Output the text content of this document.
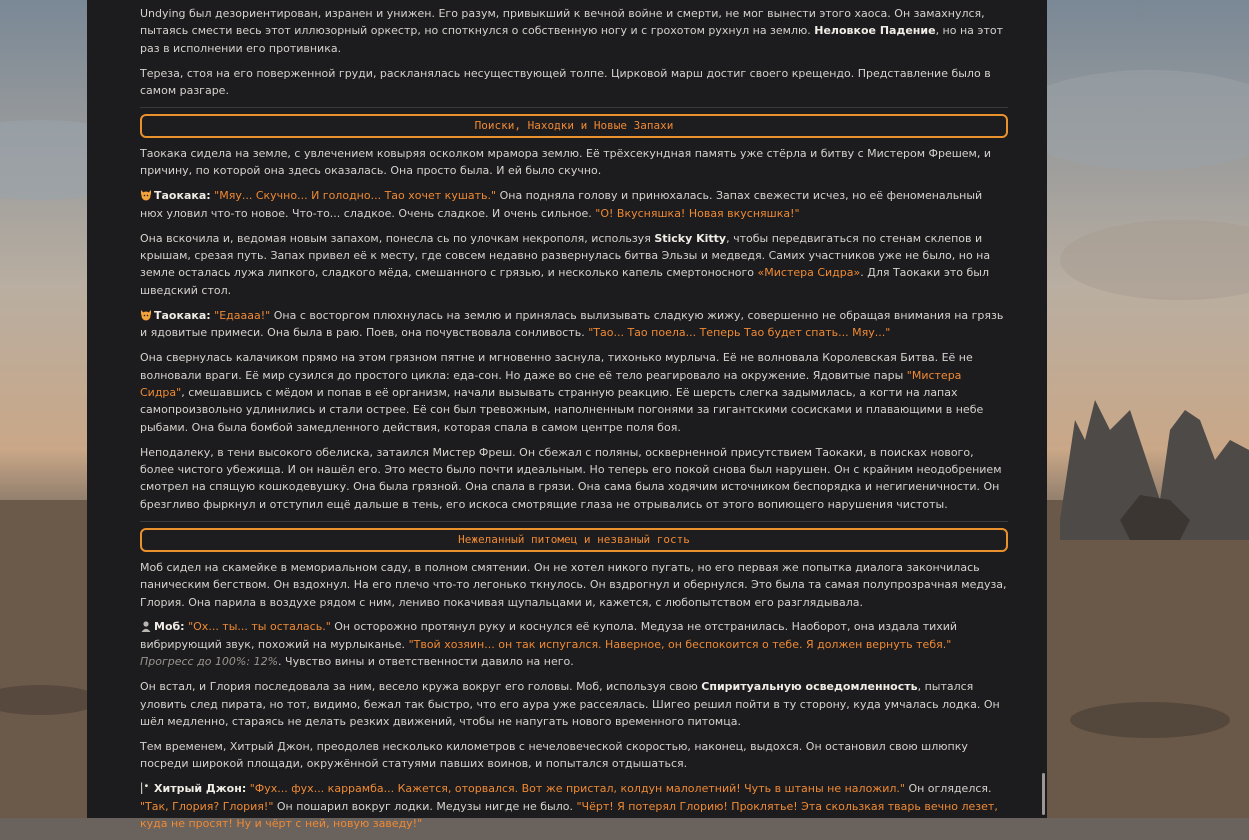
Undying был дезориентирован, изранен и унижен. Его разум, привыкший к вечной войне и смерти, не мог вынести этого хаоса. Он замахнулся, пытаясь смести весь этот иллюзорный оркестр, но споткнулся о собственную ногу и с грохотом рухнул на землю. Неловкое Падение, но на этот раз в исполнении его противника.

Тереза, стоя на его поверженной груди, раскланялась несуществующей толпе. Цирковой марш достиг своего крещендо. Представление было в самом разгаре.

Поиски, Находки и Новые Запахи

Таокака сидела на земле, с увлечением ковыряя осколком мрамора землю. Её трёхсекундная память уже стёрла и битву с Мистером Фрешем, и причину, по которой она здесь оказалась. Она просто была. И ей было скучно.

Таокака: "Мяу... Скучно... И голодно... Тао хочет кушать." Она подняла голову и принюхалась. Запах свежести исчез, но её феноменальный нюх уловил что-то новое. Что-то... сладкое. Очень сладкое. И очень сильное. "О! Вкусняшка! Новая вкусняшка!"

Она вскочила и, ведомая новым запахом, понесла сь по улочкам некрополя, используя Sticky Kitty, чтобы передвигаться по стенам склепов и крышам, срезая путь. Запах привел её к месту, где совсем недавно развернулась битва Эльзы и медведя. Самих участников уже не было, но на земле осталась лужа липкого, сладкого мёда, смешанного с грязью, и несколько капель смертоносного «Мистера Сидра». Для Таокаки это был шведский стол.

Таокака: "Едаааа!" Она с восторгом плюхнулась на землю и принялась вылизывать сладкую жижу, совершенно не обращая внимания на грязь и ядовитые примеси. Она была в раю. Поев, она почувствовала сонливость. "Тао... Тао поела... Теперь Тао будет спать... Мяу..."

Она свернулась калачиком прямо на этом грязном пятне и мгновенно заснула, тихонько мурлыча. Её не волновала Королевская Битва. Её не волновали враги. Её мир сузился до простого цикла: еда-сон. Но даже во сне её тело реагировало на окружение. Ядовитые пары "Мистера Сидра", смешавшись с мёдом и попав в её организм, начали вызывать странную реакцию. Её шерсть слегка задымилась, а когти на лапах самопроизвольно удлинились и стали острее. Её сон был тревожным, наполненным погонями за гигантскими сосисками и плавающими в небе рыбами. Она была бомбой замедленного действия, которая спала в самом центре поля боя.

Неподалеку, в тени высокого обелиска, затаился Мистер Фреш. Он сбежал с поляны, оскверненной присутствием Таокаки, в поисках нового, более чистого убежища. И он нашёл его. Это место было почти идеальным. Но теперь его покой снова был нарушен. Он с крайним неодобрением смотрел на спящую кошкодевушку. Она была грязной. Она спала в грязи. Она сама была ходячим источником беспорядка и негигиеничности. Он брезгливо фыркнул и отступил ещё дальше в тень, его искоса смотрящие глаза не отрывались от этого вопиющего нарушения чистоты.

Нежеланный питомец и незваный гость

Моб сидел на скамейке в мемориальном саду, в полном смятении. Он не хотел никого пугать, но его первая же попытка диалога закончилась паническим бегством. Он вздохнул. На его плечо что-то легонько ткнулось. Он вздрогнул и обернулся. Это была та самая полупрозрачная медуза, Глория. Она парила в воздухе рядом с ним, лениво покачивая щупальцами и, кажется, с любопытством его разглядывала.

Моб: "Ох... ты... ты осталась." Он осторожно протянул руку и коснулся её купола. Медуза не отстранилась. Наоборот, она издала тихий вибрирующий звук, похожий на мурлыканье. "Твой хозяин... он так испугался. Наверное, он беспокоится о тебе. Я должен вернуть тебя." Прогресс до 100%: 12%. Чувство вины и ответственности давило на него.

Он встал, и Глория последовала за ним, весело кружа вокруг его головы. Моб, используя свою Спиритуальную осведомленность, пытался уловить след пирата, но тот, видимо, бежал так быстро, что его аура уже рассеялась. Шигео решил пойти в ту сторону, куда умчалась лодка. Он шёл медленно, стараясь не делать резких движений, чтобы не напугать нового временного питомца.

Тем временем, Хитрый Джон, преодолев несколько километров с нечеловеческой скоростью, наконец, выдохся. Он остановил свою шлюпку посреди широкой площади, окружённой статуями павших воинов, и попытался отдышаться.

Хитрый Джон: "Фух... фух... каррамба... Кажется, оторвался. Вот же пристал, колдун малолетний! Чуть в штаны не наложил." Он огляделся. "Так, Глория? Глория!" Он пошарил вокруг лодки. Медузы нигде не было. "Чёрт! Я потерял Глорию! Проклятье! Эта скользкая тварь вечно лезет, куда не просят! Ну и чёрт с ней, новую заведу!"
